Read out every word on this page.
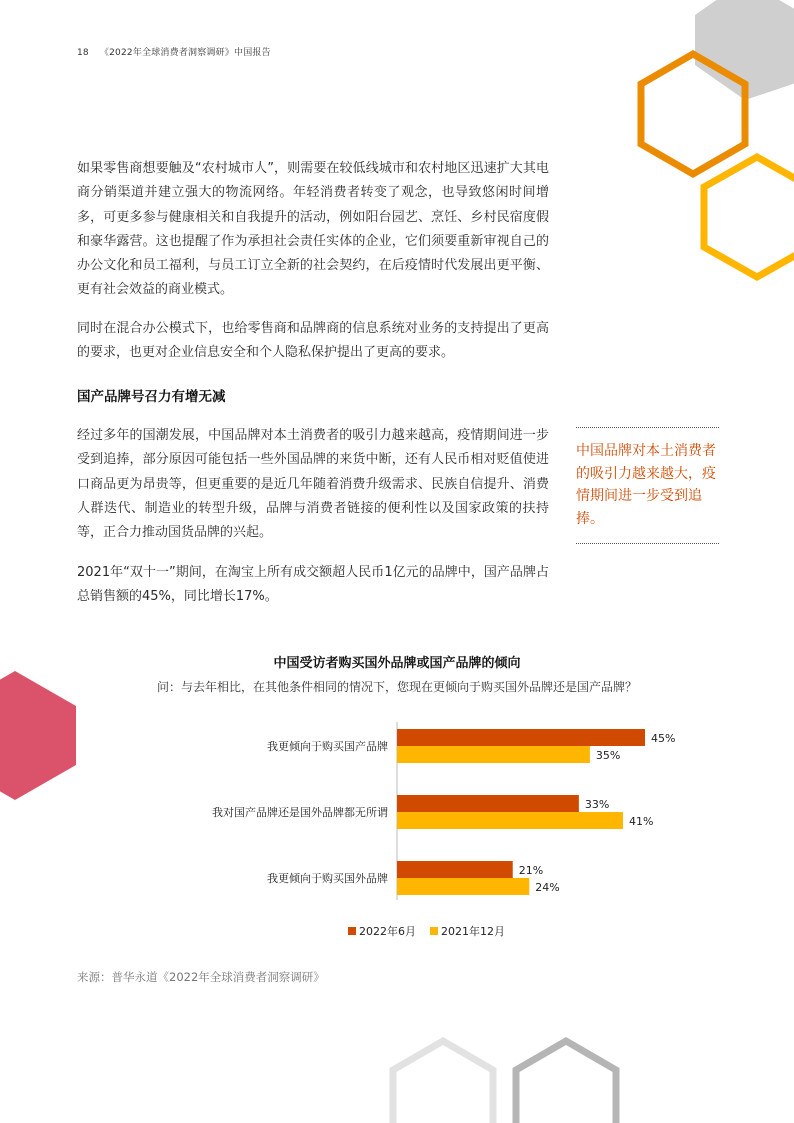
18 《2022年全球消费者洞察调研》中国报告

如果零售商想要触及“农村城市人”，则需要在较低线城市和农村地区迅速扩大其电商分销渠道并建立强大的物流网络。年轻消费者转变了观念，也导致悠闲时间增多，可更多参与健康相关和自我提升的活动，例如阳台园艺、烹饪、乡村民宿度假和豪华露营。这也提醒了作为承担社会责任实体的企业，它们须要重新审视自己的办公文化和员工福利，与员工订立全新的社会契约，在后疫情时代发展出更平衡、更有社会效益的商业模式。

同时在混合办公模式下，也给零售商和品牌商的信息系统对业务的支持提出了更高的要求，也更对企业信息安全和个人隐私保护提出了更高的要求。

国产品牌号召力有增无减

经过多年的国潮发展，中国品牌对本土消费者的吸引力越来越高，疫情期间进一步受到追捧，部分原因可能包括一些外国品牌的来货中断，还有人民币相对贬值使进口商品更为昂贵等，但更重要的是近几年随着消费升级需求、民族自信提升、消费人群迭代、制造业的转型升级，品牌与消费者链接的便利性以及国家政策的扶持等，正合力推动国货品牌的兴起。

2021年“双十一”期间，在淘宝上所有成交额超人民币1亿元的品牌中，国产品牌占总销售额的45%，同比增长17%。

中国品牌对本土消费者的吸引力越来越大，疫情期间进一步受到追捧。
中国受访者购买国外品牌或国产品牌的倾向
问：与去年相比，在其他条件相同的情况下，您现在更倾向于购买国外品牌还是国产品牌？
我更倾向于购买国产品牌
45%
35%
我对国产品牌还是国外品牌都无所谓
33%
41%
我更倾向于购买国外品牌
21%
24%
2022年6月 2021年12月
来源：普华永道《2022年全球消费者洞察调研》
